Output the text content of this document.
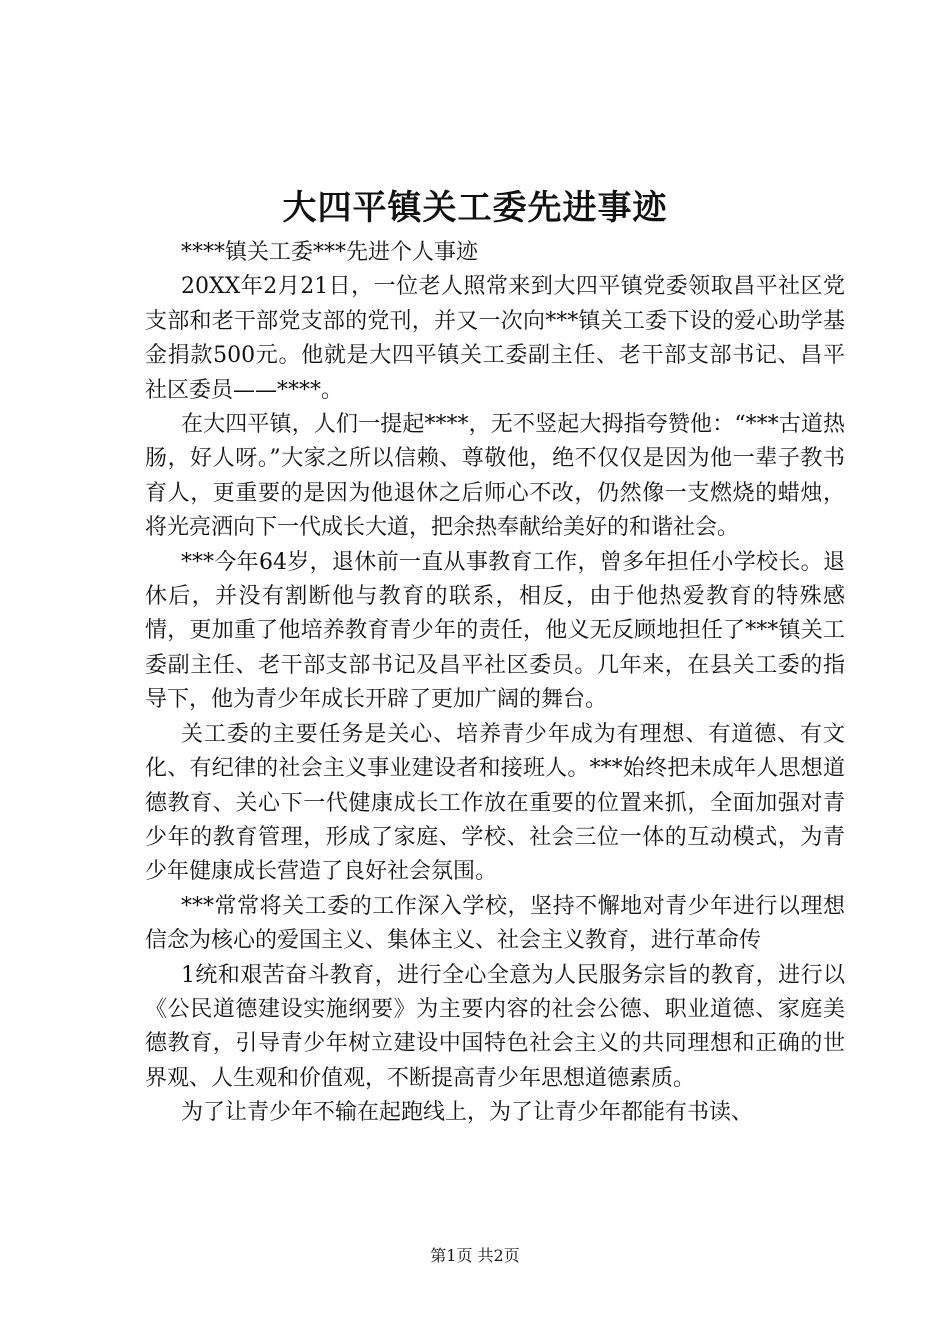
大四平镇关工委先进事迹

****镇关工委***先进个人事迹

20XX年2月21日，一位老人照常来到大四平镇党委领取昌平社区党支部和老干部党支部的党刊，并又一次向***镇关工委下设的爱心助学基金捐款500元。他就是大四平镇关工委副主任、老干部支部书记、昌平社区委员——****。

在大四平镇，人们一提起****，无不竖起大拇指夸赞他：“***古道热肠，好人呀。”大家之所以信赖、尊敬他，绝不仅仅是因为他一辈子教书育人，更重要的是因为他退休之后师心不改，仍然像一支燃烧的蜡烛，将光亮洒向下一代成长大道，把余热奉献给美好的和谐社会。

***今年64岁，退休前一直从事教育工作，曾多年担任小学校长。退休后，并没有割断他与教育的联系，相反，由于他热爱教育的特殊感情，更加重了他培养教育青少年的责任，他义无反顾地担任了***镇关工委副主任、老干部支部书记及昌平社区委员。几年来，在县关工委的指导下，他为青少年成长开辟了更加广阔的舞台。

关工委的主要任务是关心、培养青少年成为有理想、有道德、有文化、有纪律的社会主义事业建设者和接班人。***始终把未成年人思想道德教育、关心下一代健康成长工作放在重要的位置来抓，全面加强对青少年的教育管理，形成了家庭、学校、社会三位一体的互动模式，为青少年健康成长营造了良好社会氛围。

***常常将关工委的工作深入学校，坚持不懈地对青少年进行以理想信念为核心的爱国主义、集体主义、社会主义教育，进行革命传

1统和艰苦奋斗教育，进行全心全意为人民服务宗旨的教育，进行以《公民道德建设实施纲要》为主要内容的社会公德、职业道德、家庭美德教育，引导青少年树立建设中国特色社会主义的共同理想和正确的世界观、人生观和价值观，不断提高青少年思想道德素质。

为了让青少年不输在起跑线上，为了让青少年都能有书读、

第1页 共2页
